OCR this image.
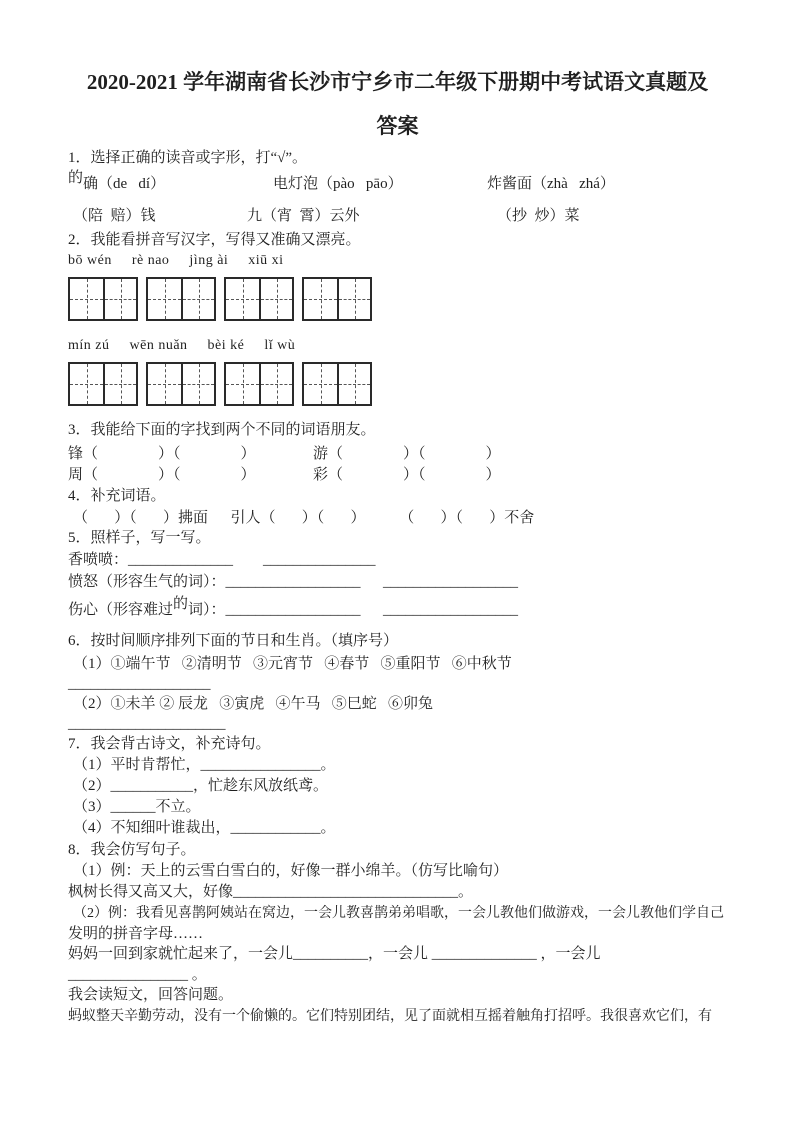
2020-2021 学年湖南省长沙市宁乡市二年级下册期中考试语文真题及
答案
1．选择正确的读音或字形，打“√”。
的确（de   dí）	电灯泡（pào   pāo）	炸酱面（zhà   zhá）
（陪  赔）钱	九（宵  霄）云外	（抄  炒）菜
2．我能看拼音写汉字，写得又准确又漂亮。
bō wén     rè nao     jìng ài     xiū xi
mín zú     wēn nuǎn     bèi ké     lǐ wù
3．我能给下面的字找到两个不同的词语朋友。
锋（                ）（                ）	游（                ）（                ）
周（                ）（                ）	彩（                ）（                ）
4．补充词语。
（       ）（       ）拂面      引人（       ）（       ）         （       ）（       ）不舍
5．照样子，写一写。
香喷喷：______________        _______________
愤怒（形容生气的词）：__________________      __________________
伤心（形容难过的词）：__________________      __________________
6．按时间顺序排列下面的节日和生肖。（填序号）
（1）①端午节   ②清明节   ③元宵节   ④春节   ⑤重阳节   ⑥中秋节
___________________
（2）①未羊 ② 辰龙   ③寅虎   ④午马   ⑤巳蛇   ⑥卯兔
_____________________
7．我会背古诗文，补充诗句。
（1）平时肯帮忙，________________。
（2）___________，忙趁东风放纸鸢。
（3）______不立。
（4）不知细叶谁裁出，____________。
8．我会仿写句子。
（1）例：天上的云雪白雪白的，好像一群小绵羊。（仿写比喻句）
枫树长得又高又大，好像______________________________。
（2）例：我看见喜鹊阿姨站在窝边，一会儿教喜鹊弟弟唱歌，一会儿教他们做游戏，一会儿教他们学自己
发明的拼音字母……
妈妈一回到家就忙起来了，一会儿__________，一会儿 ______________ ，一会儿
________________ 。
我会读短文，回答问题。
蚂蚁整天辛勤劳动，没有一个偷懒的。它们特别团结，见了面就相互摇着触角打招呼。我很喜欢它们，有
